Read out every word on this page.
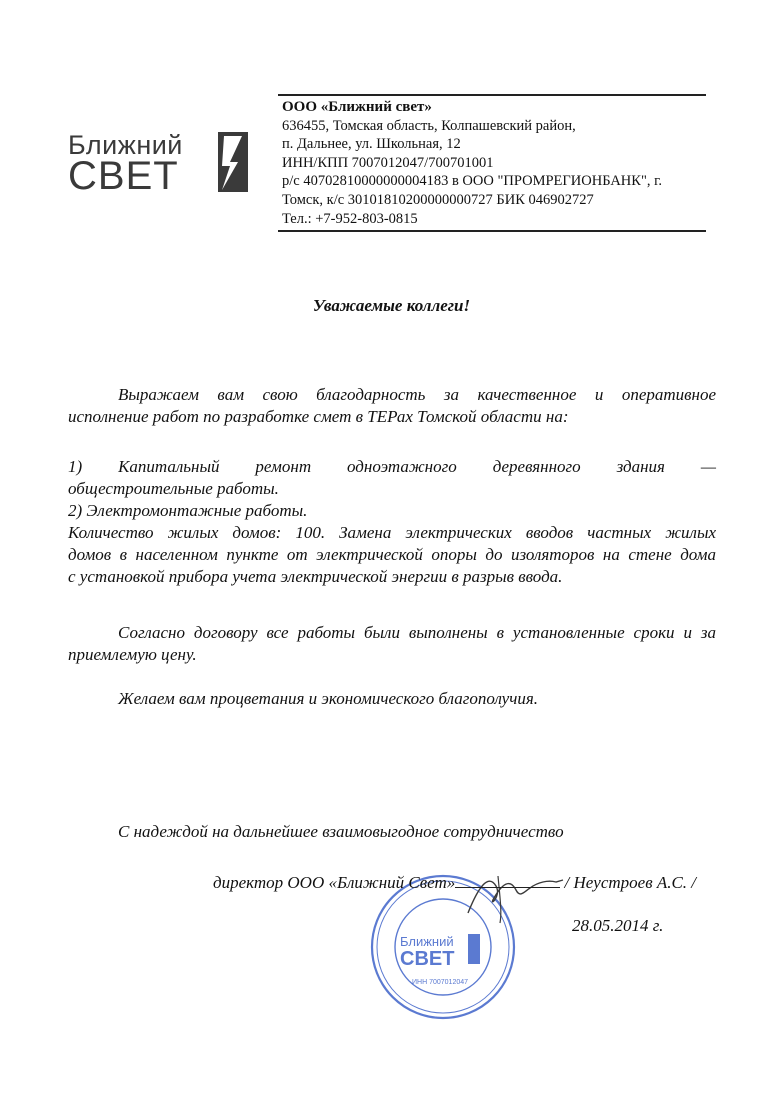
Ближний
СВЕТ
ООО «Ближний свет»
636455, Томская область, Колпашевский район,
п. Дальнее, ул. Школьная, 12
ИНН/КПП 7007012047/700701001
р/с 40702810000000004183 в ООО "ПРОМРЕГИОНБАНК", г.
Томск, к/с 30101810200000000727 БИК 046902727
Тел.: +7-952-803-0815
Уважаемые коллеги!
Выражаем вам свою благодарность за качественное и оперативное
исполнение работ по разработке смет в ТЕРах Томской области на:
1) Капитальный ремонт одноэтажного деревянного здания —
общестроительные работы.
2) Электромонтажные работы.
Количество жилых домов: 100. Замена электрических вводов частных жилых
домов в населенном пункте от электрической опоры до изоляторов на стене дома
с установкой прибора учета электрической энергии в разрыв ввода.
Согласно договору все работы были выполнены в установленные сроки и за
приемлемую цену.
Желаем вам процветания и экономического благополучия.
С надеждой на дальнейшее взаимовыгодное сотрудничество
Ближний
СВЕТ
ИНН 7007012047
директор ООО «Ближний Свет»	/ Неустроев А.С. /
28.05.2014 г.
